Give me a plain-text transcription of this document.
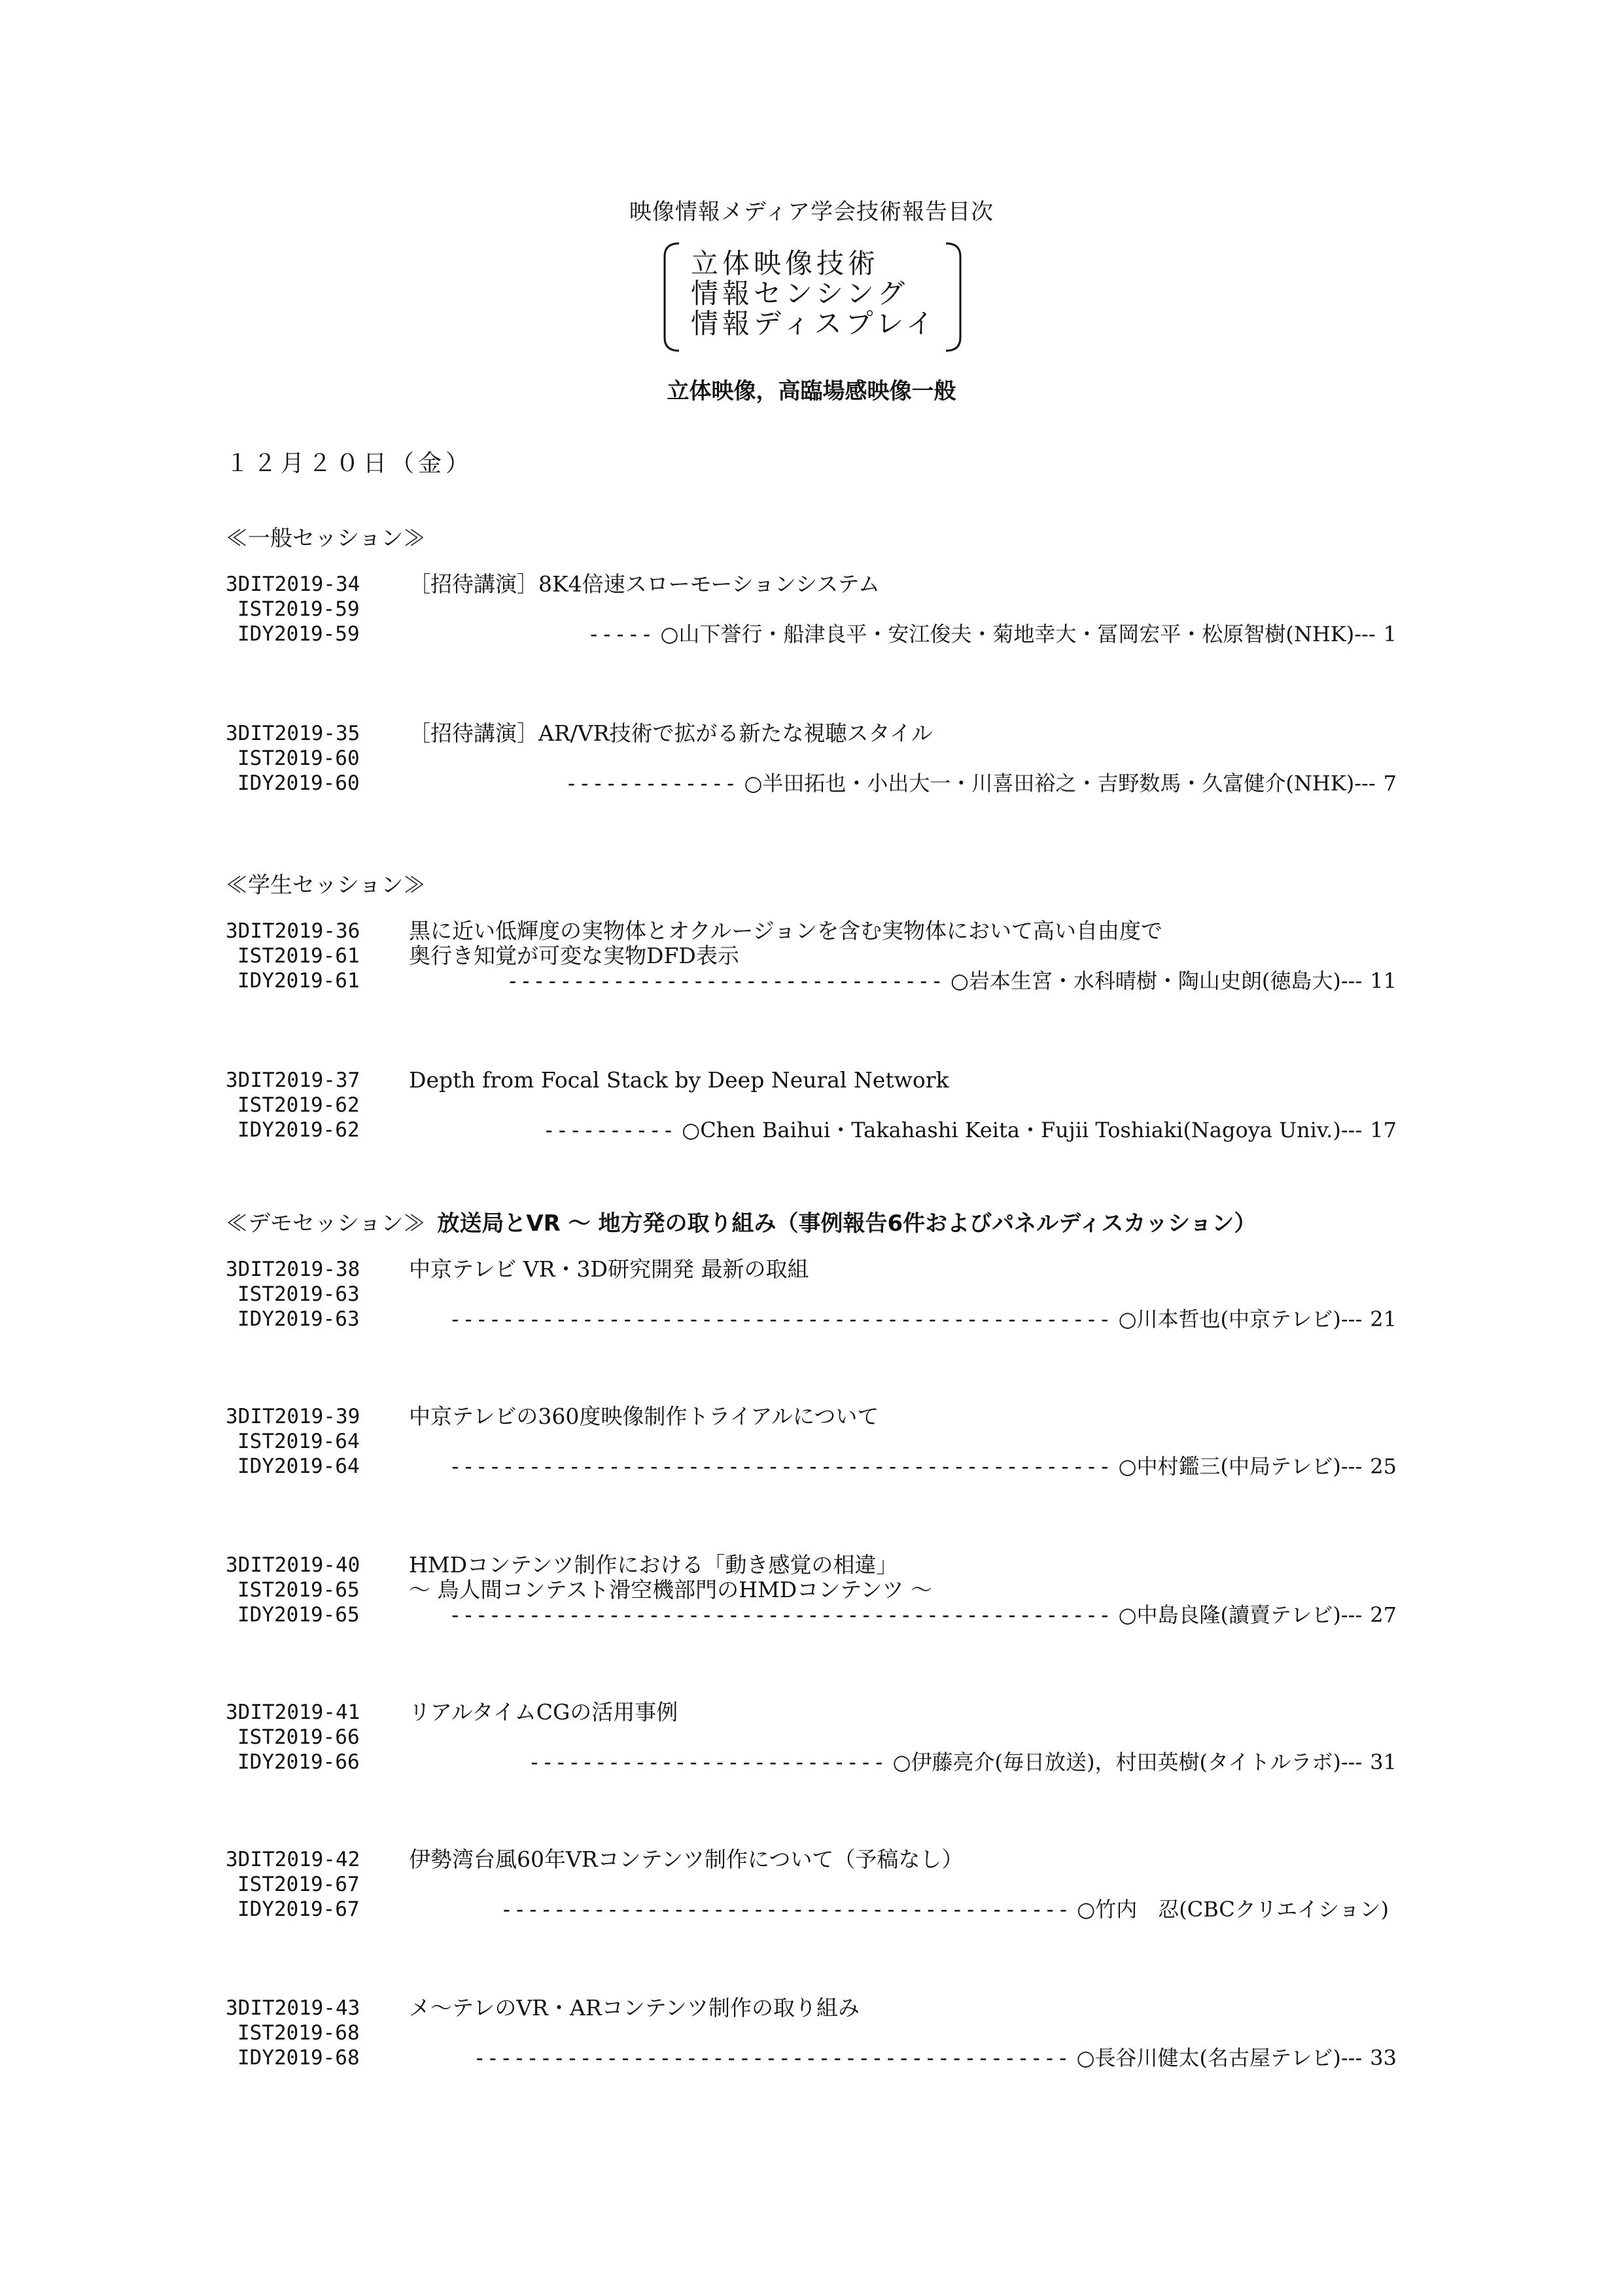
映像情報メディア学会技術報告目次
立体映像技術
情報センシング
情報ディスプレイ
立体映像，高臨場感映像一般
１２月２０日（金）
≪一般セッション≫
3DIT2019-34
IST2019-59
IDY2019-59
［招待講演］8K4倍速スローモーションシステム
----- ○山下誉行・船津良平・安江俊夫・菊地幸大・冨岡宏平・松原智樹(NHK)--- 1
3DIT2019-35
IST2019-60
IDY2019-60
［招待講演］AR/VR技術で拡がる新たな視聴スタイル
------------- ○半田拓也・小出大一・川喜田裕之・吉野数馬・久富健介(NHK)--- 7
≪学生セッション≫
3DIT2019-36
IST2019-61
IDY2019-61
黒に近い低輝度の実物体とオクルージョンを含む実物体において高い自由度で
奥行き知覚が可変な実物DFD表示
--------------------------------- ○岩本生宮・水科晴樹・陶山史朗(徳島大)--- 11
3DIT2019-37
IST2019-62
IDY2019-62
Depth from Focal Stack by Deep Neural Network
---------- ○Chen Baihui・Takahashi Keita・Fujii Toshiaki(Nagoya Univ.)--- 17
≪デモセッション≫ 放送局とVR ～ 地方発の取り組み（事例報告6件およびパネルディスカッション）
3DIT2019-38
IST2019-63
IDY2019-63
中京テレビ VR・3D研究開発 最新の取組
-------------------------------------------------- ○川本哲也(中京テレビ)--- 21
3DIT2019-39
IST2019-64
IDY2019-64
中京テレビの360度映像制作トライアルについて
-------------------------------------------------- ○中村鑑三(中局テレビ)--- 25
3DIT2019-40
IST2019-65
IDY2019-65
HMDコンテンツ制作における「動き感覚の相違」
～ 鳥人間コンテスト滑空機部門のHMDコンテンツ ～
-------------------------------------------------- ○中島良隆(讀賣テレビ)--- 27
3DIT2019-41
IST2019-66
IDY2019-66
リアルタイムCGの活用事例
--------------------------- ○伊藤亮介(毎日放送)，村田英樹(タイトルラボ)--- 31
3DIT2019-42
IST2019-67
IDY2019-67
伊勢湾台風60年VRコンテンツ制作について（予稿なし）
------------------------------------------- ○竹内　忍(CBCクリエイション)
3DIT2019-43
IST2019-68
IDY2019-68
メ～テレのVR・ARコンテンツ制作の取り組み
--------------------------------------------- ○長谷川健太(名古屋テレビ)--- 33
